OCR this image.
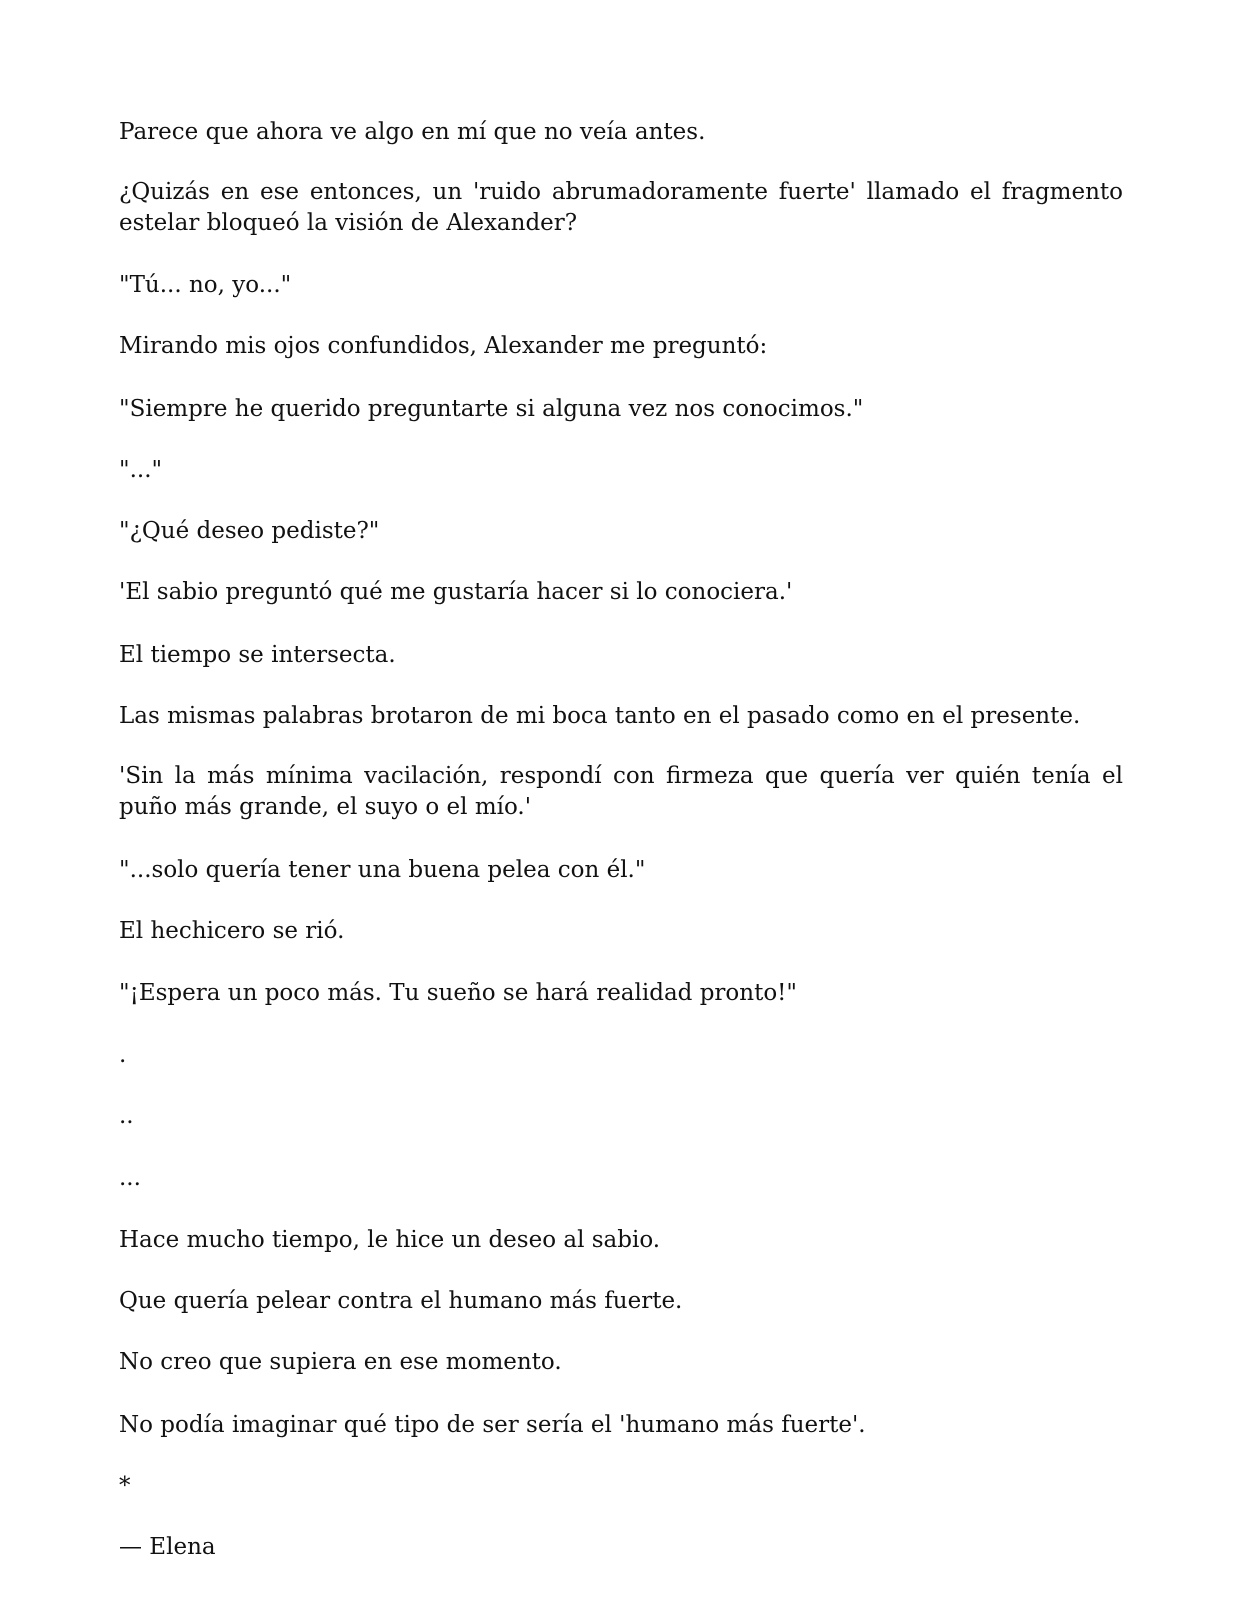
Parece que ahora ve algo en mí que no veía antes.

¿Quizás en ese entonces, un 'ruido abrumadoramente fuerte' llamado el fragmento estelar bloqueó la visión de Alexander?

"Tú... no, yo..."

Mirando mis ojos confundidos, Alexander me preguntó:

"Siempre he querido preguntarte si alguna vez nos conocimos."

"..."

"¿Qué deseo pediste?"

'El sabio preguntó qué me gustaría hacer si lo conociera.'

El tiempo se intersecta.

Las mismas palabras brotaron de mi boca tanto en el pasado como en el presente.

'Sin la más mínima vacilación, respondí con firmeza que quería ver quién tenía el puño más grande, el suyo o el mío.'

"...solo quería tener una buena pelea con él."

El hechicero se rió.

"¡Espera un poco más. Tu sueño se hará realidad pronto!"

.

..

...

Hace mucho tiempo, le hice un deseo al sabio.

Que quería pelear contra el humano más fuerte.

No creo que supiera en ese momento.

No podía imaginar qué tipo de ser sería el 'humano más fuerte'.

*

— Elena
